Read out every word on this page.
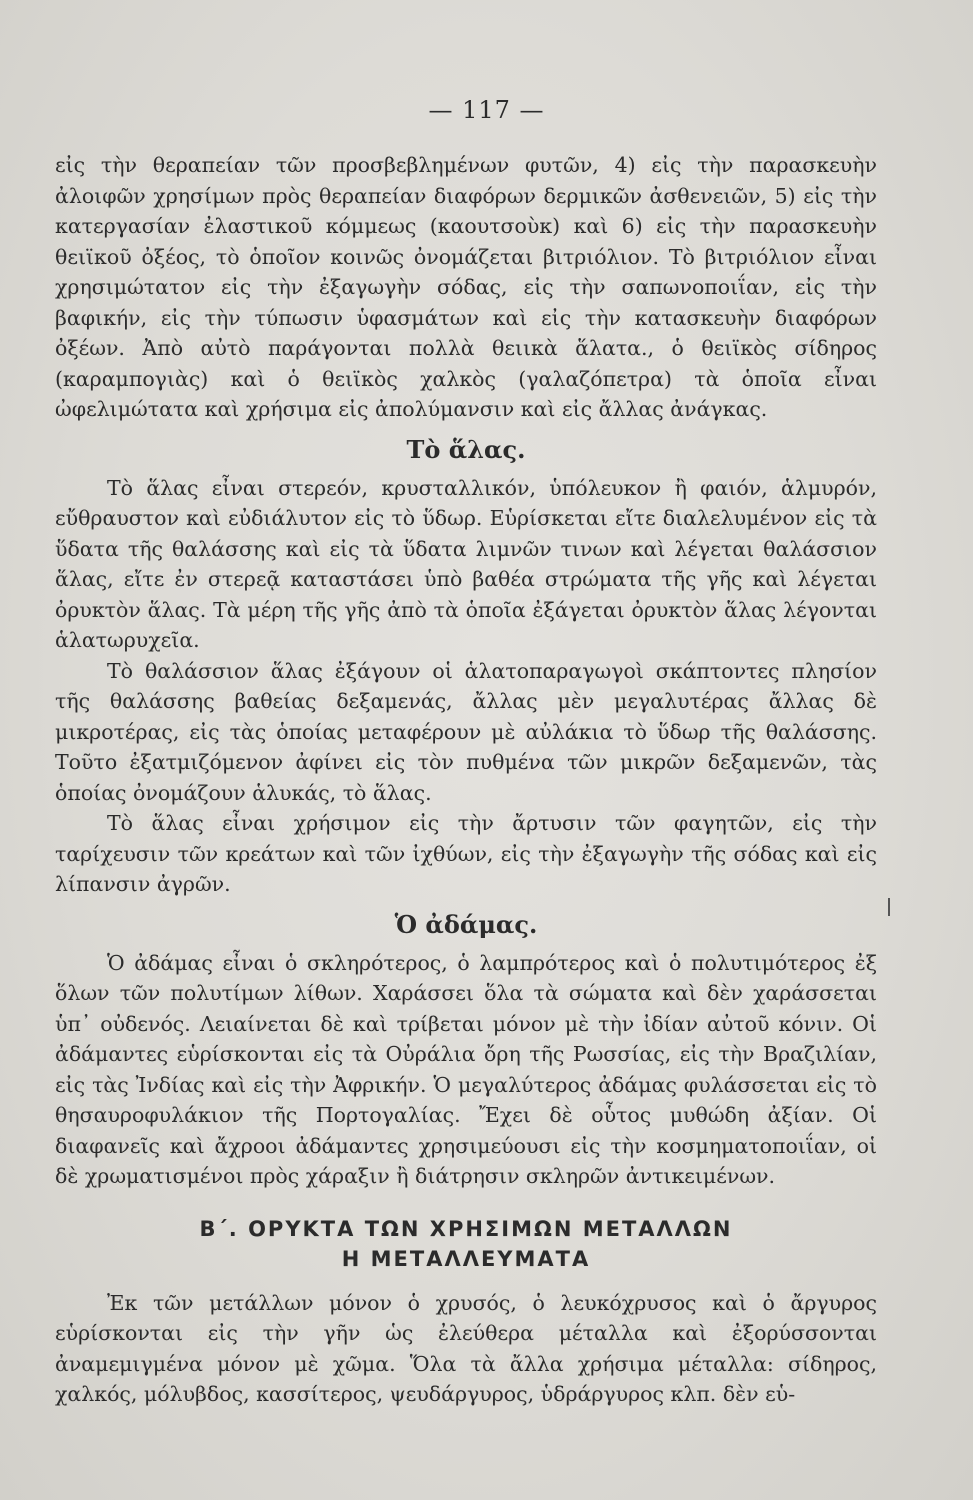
— 117 —

εἰς τὴν θεραπείαν τῶν προσβεβλημένων φυτῶν, 4) εἰς τὴν παρασκευὴν ἀλοιφῶν χρησίμων πρὸς θεραπείαν διαφόρων δερμικῶν ἀσθενειῶν, 5) εἰς τὴν κατεργασίαν ἐλαστικοῦ κόμμεως (καουτσοὺκ) καὶ 6) εἰς τὴν παρασκευὴν θειϊκοῦ ὀξέος, τὸ ὁποῖον κοινῶς ὀνομάζεται βιτριόλιον. Τὸ βιτριόλιον εἶναι χρησιμώτατον εἰς τὴν ἐξαγωγὴν σόδας, εἰς τὴν σαπωνοποιΐαν, εἰς τὴν βαφικήν, εἰς τὴν τύπωσιν ὑφασμάτων καὶ εἰς τὴν κατασκευὴν διαφόρων ὀξέων. Ἀπὸ αὐτὸ παράγονται πολλὰ θειικὰ ἅλατα., ὁ θειϊκὸς σίδηρος (καραμπογιὰς) καὶ ὁ θειϊκὸς χαλκὸς (γαλαζόπετρα) τὰ ὁποῖα εἶναι ὠφελιμώτατα καὶ χρήσιμα εἰς ἀπολύμανσιν καὶ εἰς ἄλλας ἀνάγκας.

Τὸ ἅλας.

Τὸ ἅλας εἶναι στερεόν, κρυσταλλικόν, ὑπόλευκον ἢ φαιόν, ἁλμυρόν, εὔθραυστον καὶ εὐδιάλυτον εἰς τὸ ὕδωρ. Εὑρίσκεται εἴτε διαλελυμένον εἰς τὰ ὕδατα τῆς θαλάσσης καὶ εἰς τὰ ὕδατα λιμνῶν τινων καὶ λέγεται θαλάσσιον ἅλας, εἴτε ἐν στερεᾷ καταστάσει ὑπὸ βαθέα στρώματα τῆς γῆς καὶ λέγεται ὀρυκτὸν ἅλας. Τὰ μέρη τῆς γῆς ἀπὸ τὰ ὁποῖα ἐξάγεται ὀρυκτὸν ἅλας λέγονται ἁλατωρυχεῖα.

Τὸ θαλάσσιον ἅλας ἐξάγουν οἱ ἁλατοπαραγωγοὶ σκάπτοντες πλησίον τῆς θαλάσσης βαθείας δεξαμενάς, ἄλλας μὲν μεγαλυτέρας ἄλλας δὲ μικροτέρας, εἰς τὰς ὁποίας μεταφέρουν μὲ αὐλάκια τὸ ὕδωρ τῆς θαλάσσης. Τοῦτο ἐξατμιζόμενον ἀφίνει εἰς τὸν πυθμένα τῶν μικρῶν δεξαμενῶν, τὰς ὁποίας ὀνομάζουν ἁλυκάς, τὸ ἅλας.

Τὸ ἅλας εἶναι χρήσιμον εἰς τὴν ἄρτυσιν τῶν φαγητῶν, εἰς τὴν ταρίχευσιν τῶν κρεάτων καὶ τῶν ἰχθύων, εἰς τὴν ἐξαγωγὴν τῆς σόδας καὶ εἰς λίπανσιν ἀγρῶν.

Ὁ ἀδάμας.

Ὁ ἀδάμας εἶναι ὁ σκληρότερος, ὁ λαμπρότερος καὶ ὁ πολυτιμότερος ἐξ ὅλων τῶν πολυτίμων λίθων. Χαράσσει ὅλα τὰ σώματα καὶ δὲν χαράσσεται ὑπ᾽ οὐδενός. Λειαίνεται δὲ καὶ τρίβεται μόνον μὲ τὴν ἰδίαν αὐτοῦ κόνιν. Οἱ ἀδάμαντες εὑρίσκονται εἰς τὰ Οὐράλια ὄρη τῆς Ρωσσίας, εἰς τὴν Βραζιλίαν, εἰς τὰς Ἰνδίας καὶ εἰς τὴν Ἀφρικήν. Ὁ μεγαλύτερος ἀδάμας φυλάσσεται εἰς τὸ θησαυροφυλάκιον τῆς Πορτογαλίας. Ἔχει δὲ οὗτος μυθώδη ἀξίαν. Οἱ διαφανεῖς καὶ ἄχροοι ἀδάμαντες χρησιμεύουσι εἰς τὴν κοσμηματοποιΐαν, οἱ δὲ χρωματισμένοι πρὸς χάραξιν ἢ διάτρησιν σκληρῶν ἀντικειμένων.

Β΄. ΟΡΥΚΤΑ ΤΩΝ ΧΡΗΣΙΜΩΝ ΜΕΤΑΛΛΩΝ
Η ΜΕΤΑΛΛΕΥΜΑΤΑ

Ἐκ τῶν μετάλλων μόνον ὁ χρυσός, ὁ λευκόχρυσος καὶ ὁ ἄργυρος εὑρίσκονται εἰς τὴν γῆν ὡς ἐλεύθερα μέταλλα καὶ ἐξορύσσονται ἀναμεμιγμένα μόνον μὲ χῶμα. Ὅλα τὰ ἄλλα χρήσιμα μέταλλα: σίδηρος, χαλκός, μόλυβδος, κασσίτερος, ψευδάργυρος, ὑδράργυρος κλπ. δὲν εὑ-
